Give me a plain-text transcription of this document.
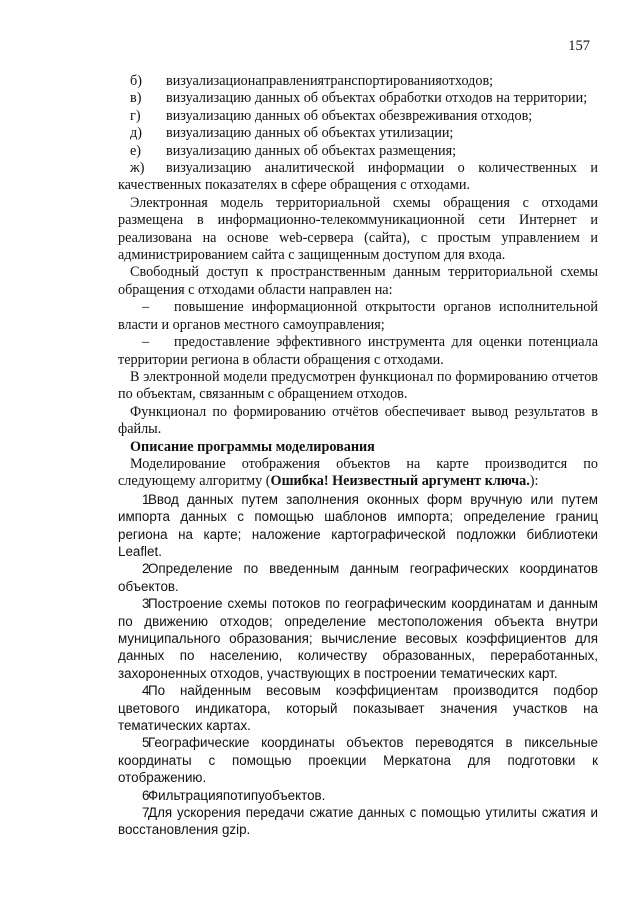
157

б) визуализационаправлениятранспортированияотходов;

в) визуализацию данных об объектах обработки отходов на территории;

г) визуализацию данных об объектах обезвреживания отходов;

д) визуализацию данных об объектах утилизации;

е) визуализацию данных об объектах размещения;

ж) визуализацию аналитической информации о количественных и качественных показателях в сфере обращения с отходами.

Электронная модель территориальной схемы обращения с отходами размещена в информационно-телекоммуникационной сети Интернет и реализована на основе web-сервера (сайта), с простым управлением и администрированием сайта с защищенным доступом для входа.

Свободный доступ к пространственным данным территориальной схемы обращения с отходами области направлен на:

– повышение информационной открытости органов исполнительной власти и органов местного самоуправления;

– предоставление эффективного инструмента для оценки потенциала территории региона в области обращения с отходами.

В электронной модели предусмотрен функционал по формированию отчетов по объектам, связанным с обращением отходов.

Функционал по формированию отчётов обеспечивает вывод результатов в файлы.

Описание программы моделирования

Моделирование отображения объектов на карте производится по следующему алгоритму (Ошибка! Неизвестный аргумент ключа.):

1Ввод данных путем заполнения оконных форм вручную или путем импорта данных с помощью шаблонов импорта; определение границ региона на карте; наложение картографической подложки библиотеки Leaflet.

2Определение по введенным данным географических координатов объектов.

3Построение схемы потоков по географическим координатам и данным по движению отходов; определение местоположения объекта внутри муниципального образования; вычисление весовых коэффициентов для данных по населению, количеству образованных, переработанных, захороненных отходов, участвующих в построении тематических карт.

4По найденным весовым коэффициентам производится подбор цветового индикатора, который показывает значения участков на тематических картах.

5Географические координаты объектов переводятся в пиксельные координаты с помощью проекции Меркатона для подготовки к отображению.

6Фильтрацияпотипуобъектов.

7Для ускорения передачи сжатие данных с помощью утилиты сжатия и восстановления gzip.
